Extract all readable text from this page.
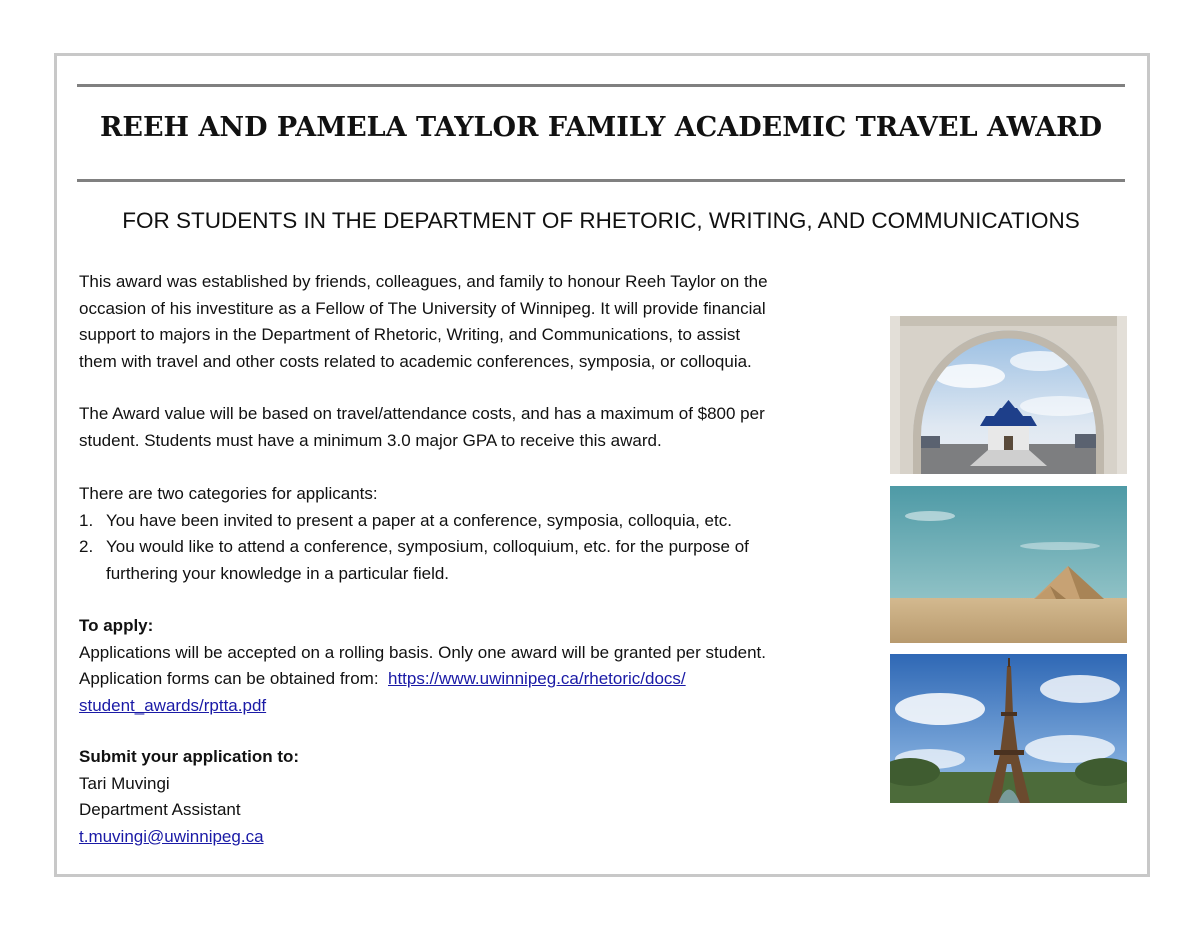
REEH AND PAMELA TAYLOR FAMILY ACADEMIC TRAVEL AWARD
FOR STUDENTS IN THE DEPARTMENT OF RHETORIC, WRITING, AND COMMUNICATIONS

This award was established by friends, colleagues, and family to honour Reeh Taylor on the

occasion of his investiture as a Fellow of The University of Winnipeg. It will provide financial

support to majors in the Department of Rhetoric, Writing, and Communications, to assist

them with travel and other costs related to academic conferences, symposia, or colloquia.

The Award value will be based on travel/attendance costs, and has a maximum of $800 per

student. Students must have a minimum 3.0 major GPA to receive this award.

There are two categories for applicants:

1. You have been invited to present a paper at a conference, symposia, colloquia, etc.
2. You would like to attend a conference, symposium, colloquium, etc. for the purpose of
furthering your knowledge in a particular field.

To apply:

Applications will be accepted on a rolling basis. Only one award will be granted per student.

Application forms can be obtained from:  https://www.uwinnipeg.ca/rhetoric/docs/

student_awards/rptta.pdf

Submit your application to:

Tari Muvingi

Department Assistant

t.muvingi@uwinnipeg.ca
